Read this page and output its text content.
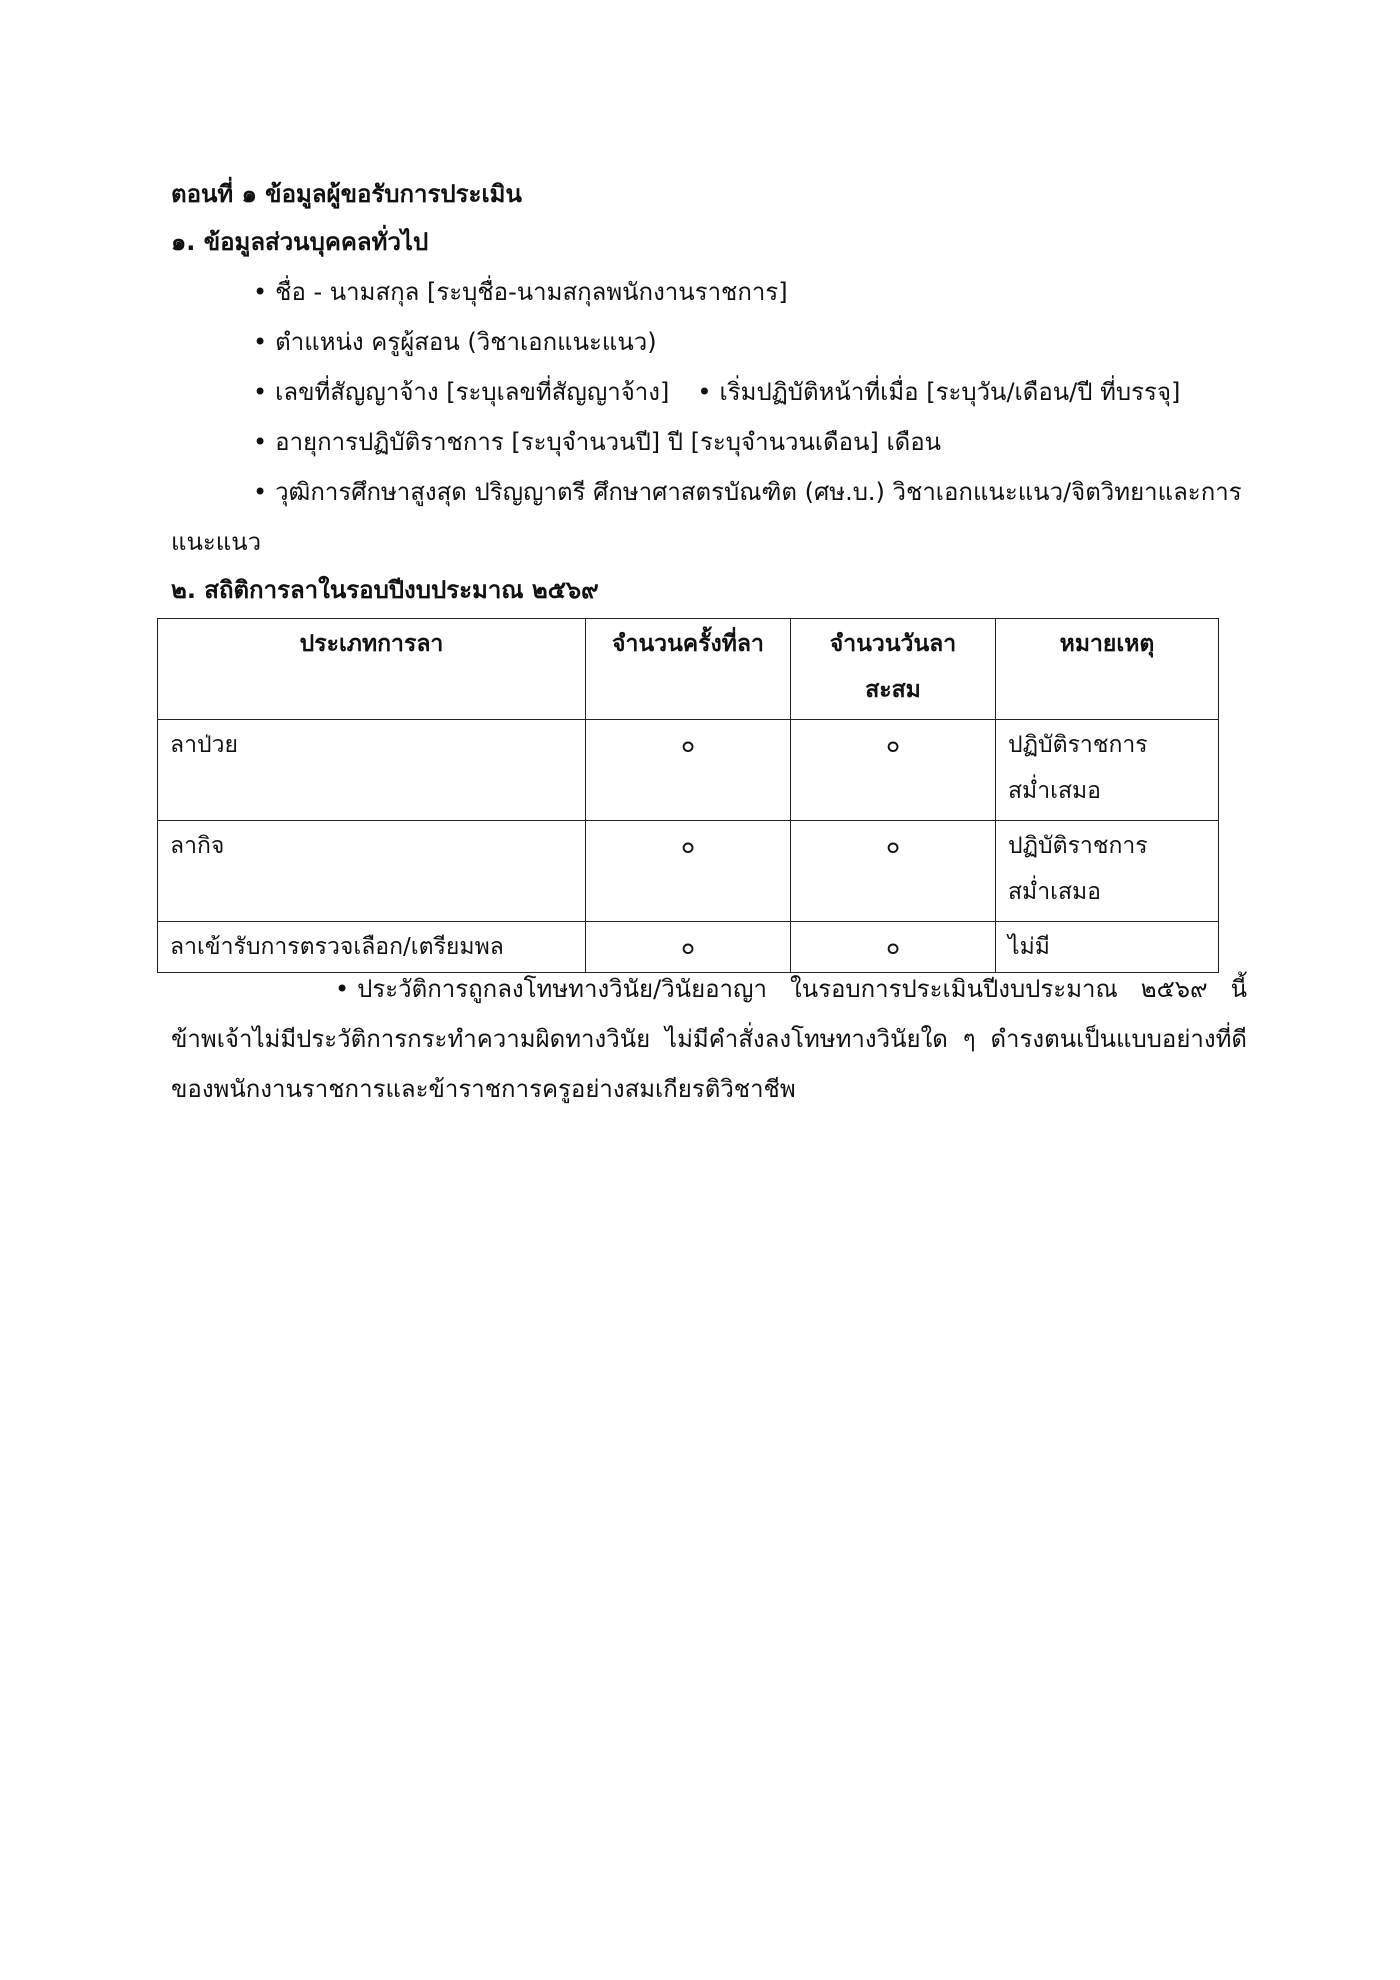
ตอนที่ ๑ ข้อมูลผู้ขอรับการประเมิน
๑. ข้อมูลส่วนบุคคลทั่วไป
• ชื่อ - นามสกุล [ระบุชื่อ-นามสกุลพนักงานราชการ]
• ตำแหน่ง ครูผู้สอน (วิชาเอกแนะแนว)
• เลขที่สัญญาจ้าง [ระบุเลขที่สัญญาจ้าง] • เริ่มปฏิบัติหน้าที่เมื่อ [ระบุวัน/เดือน/ปี ที่บรรจุ]
• อายุการปฏิบัติราชการ [ระบุจำนวนปี] ปี [ระบุจำนวนเดือน] เดือน
• วุฒิการศึกษาสูงสุด ปริญญาตรี ศึกษาศาสตรบัณฑิต (ศษ.บ.) วิชาเอกแนะแนว/จิตวิทยาและการ
แนะแนว
๒. สถิติการลาในรอบปีงบประมาณ ๒๕๖๙
ประเภทการลา	จำนวนครั้งที่ลา	จำนวนวันลาสะสม	หมายเหตุ
ลาป่วย	๐	๐	ปฏิบัติราชการสม่ำเสมอ
ลากิจ	๐	๐	ปฏิบัติราชการสม่ำเสมอ
ลาเข้ารับการตรวจเลือก/เตรียมพล	๐	๐	ไม่มี
• ประวัติการถูกลงโทษทางวินัย/วินัยอาญา ในรอบการประเมินปีงบประมาณ ๒๕๖๙ นี้ ข้าพเจ้าไม่มีประวัติการกระทำความผิดทางวินัย ไม่มีคำสั่งลงโทษทางวินัยใด ๆ ดำรงตนเป็นแบบอย่างที่ดีของพนักงานราชการและข้าราชการครูอย่างสมเกียรติวิชาชีพ
